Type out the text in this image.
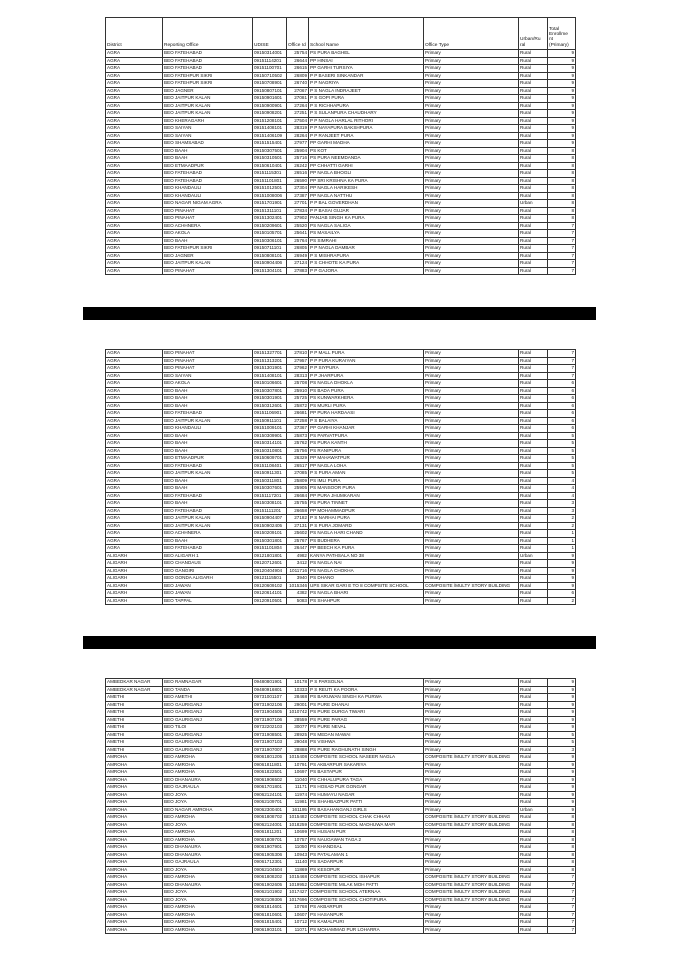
District	Reporting Office	UDISE	Office Id	School Name	Office Type	Urban/Ru
ral	Total
Enrollme
nt
(Primary)
AGRA	BEO FATEHABAD	09150314001	25754	PS PURA BAGHEL	Primary	Rural	9
AGRA	BEO FATEHABAD	09151114201	26644	PP HINSAI	Primary	Rural	9
AGRA	BEO FATEHABAD	09151100701	26615	PP GARHI TURSIYA	Primary	Rural	9
AGRA	BEO FATEHPUR SIKRI	09150710502	26809	P P BASERI SINKANDAR	Primary	Rural	9
AGRA	BEO FATEHPUR SIKRI	09150708901	26740	P P NAGRIYA	Primary	Rural	9
AGRA	BEO JAGNER	09150807101	27067	P S NAGLA INDRAJEET	Primary	Rural	9
AGRA	BEO JAITPUR KALAN	09150901601	27081	P S GOPI PURA	Primary	Rural	9
AGRA	BEO JAITPUR KALAN	09150900901	27264	P S RICHHAPURA	Primary	Rural	9
AGRA	BEO JAITPUR KALAN	09150908201	27251	P S SULANPURA CHAUDHARY	Primary	Rural	9
AGRA	BEO KHERAGARH	09151208101	27504	P P NAGLA HARLAL RITHORI	Primary	Rural	9
AGRA	BEO SAIYAN	09151408101	28319	P P NAYAPURA BAKSHPURA	Primary	Rural	9
AGRA	BEO SAIYAN	09151406109	28264	P P RANJEET PURA	Primary	Rural	9
AGRA	BEO SHAMSABAD	09151515401	27977	PP GARHI MADHA	Primary	Rural	9
AGRA	BEO BAAH	09150307501	25904	PS KOT	Primary	Rural	8
AGRA	BEO BAAH	09150310501	25716	PS PURA NEEMDANDA	Primary	Rural	8
AGRA	BEO ETMAADPUR	09150610401	26242	PP CHHATTI GARHI	Primary	Rural	8
AGRA	BEO FATEHABAD	09151115301	26516	PP NAGLA BHOGLI	Primary	Rural	8
AGRA	BEO FATEHABAD	09151101801	26590	PP SRI KRISHNA KA PURA	Primary	Rural	8
AGRA	BEO KHANDAULI	09151012501	27304	PP NAGLA HARIKESH	Primary	Rural	8
AGRA	BEO KHANDAULI	09151008006	27387	PP NAGLA NATTHU	Primary	Rural	8
AGRA	BEO NAGAR NIGAM AGRA	09151701901	27701	P P BAL GOVERDHAN	Primary	Urban	8
AGRA	BEO PINAHAT	09151311101	27834	P P BASAI GUJAR	Primary	Rural	8
AGRA	BEO PINAHAT	09151302401	27902	PANJAB SINGH KA PURA	Primary	Rural	8
AGRA	BEO ACHHNERA	09150209601	25520	PS NAGLA SALIGA	Primary	Rural	7
AGRA	BEO AKOLA	09150105701	25641	PS MASAILYA	Primary	Rural	7
AGRA	BEO BAAH	09150306101	25764	PS SIMRAHI	Primary	Rural	7
AGRA	BEO FATEHPUR SIKRI	09150711101	26805	P P NAGLA DAMBAR	Primary	Rural	7
AGRA	BEO JAGNER	09150808101	26949	P S MISHRAPURA	Primary	Rural	7
AGRA	BEO JAITPUR KALAN	09150904406	27124	P S CHHOTE KA PURA	Primary	Rural	7
AGRA	BEO PINAHAT	09151304101	27883	P P GAJORA	Primary	Rural	7
AGRA	BEO PINAHAT	09151327701	27810	P P MALL PURA	Primary	Rural	7
AGRA	BEO PINAHAT	09151313201	27957	P P PURA KURAIYAN	Primary	Rural	7
AGRA	BEO PINAHAT	09151301901	27962	P P SIYPURA	Primary	Rural	7
AGRA	BEO SAIYAN	09151408101	28313	P P JHARPURA	Primary	Rural	7
AGRA	BEO AKOLA	09150106601	25708	PS NAGLA DHOKLA	Primary	Rural	6
AGRA	BEO BAAH	09150307801	25910	PS BADA PURA	Primary	Rural	6
AGRA	BEO BAAH	09150301901	25725	PS KUNWARKHERA	Primary	Rural	6
AGRA	BEO BAAH	09150312601	25872	PS MURLI PURA	Primary	Rural	6
AGRA	BEO FATEHABAD	09151106901	26681	PP PURA HARDAASI	Primary	Rural	6
AGRA	BEO JAITPUR KALAN	09150911101	27258	P S BALAIYA	Primary	Rural	6
AGRA	BEO KHANDAULI	09151009101	27367	PP GARHI KHANJAR	Primary	Rural	6
AGRA	BEO BAAH	09150309901	25873	PS PARVATPURA	Primary	Rural	5
AGRA	BEO BAAH	09150314101	25762	PS PURA KANTH	Primary	Rural	5
AGRA	BEO BAAH	09150310801	25756	PS RANIPURA	Primary	Rural	5
AGRA	BEO ETMAADPUR	09150609701	26329	PP MAHAWATPUR	Primary	Rural	5
AGRA	BEO FATEHABAD	09151108401	26517	PP NAGLA LOHA	Primary	Rural	5
AGRA	BEO JAITPUR KALAN	09150911301	27085	P S PURA AMAN	Primary	Rural	5
AGRA	BEO BAAH	09150311801	25809	PS IMLI PURA	Primary	Rural	4
AGRA	BEO BAAH	09150307601	25905	PS MANSOOR PURA	Primary	Rural	4
AGRA	BEO FATEHABAD	09151117201	26684	PP PURA JHUMKARAN	Primary	Rural	4
AGRA	BEO BAAH	09150308101	25755	PS PURA TINNET	Primary	Rural	3
AGRA	BEO FATEHABAD	09151111201	26658	PP MOHAMMADPUR	Primary	Rural	3
AGRA	BEO JAITPUR KALAN	09150904407	27182	P S NARHAI PURA	Primary	Rural	2
AGRA	BEO JAITPUR KALAN	09150902405	27131	P S PURA JOMARD	Primary	Rural	2
AGRA	BEO ACHHNERA	09150209101	25602	PS NAGLA HARI CHAND	Primary	Rural	1
AGRA	BEO BAAH	09150301801	25767	PS BUDHERA	Primary	Rural	1
AGRA	BEO FATEHABAD	09151101804	26447	PP BEECH KA PURA	Primary	Rural	1
ALIGARH	BEO ALIGARH 1	09121801801	4982	KANYA PATHSALA NO 38	Primary	Urban	9
ALIGARH	BEO CHANDAUS	09120712601	3412	PS NAGLA NAI	Primary	Rural	9
ALIGARH	BEO GANGIRI	09120404904	1011716	PS NAGLA CHOKHA	Primary	Rural	9
ALIGARH	BEO GONDA ALIGARH	09121115501	3940	PS DHANO	Primary	Rural	9
ALIGARH	BEO JAWAN	09120609102	1015346	UPS SIKAR GARI E TO 8 COMPSITE SCHOOL	COMPOSITE /MULTY STORY BUILDING	Rural	9
ALIGARH	BEO JAWAN	09120614101	4382	PS NAGLA BHARI	Primary	Rural	6
ALIGARH	BEO TAPPAL	09120910501	5083	PS SHAHPUR	Primary	Rural	2
AMBEDKAR NAGAR	BEO RAMNAGAR	09480801901	10178	P S PARSOLNA	Primary	Rural	9
AMBEDKAR NAGAR	BEO TANDA	09480916801	10333	P S REUTI KA POORA	Primary	Rural	9
AMETHI	BEO AMETHI	09731001107	28468	PS BARUWAN SINGH KA PURWA	Primary	Rural	9
AMETHI	BEO GAURIGANJ	09731902106	29001	PS PURE DHANAI	Primary	Rural	9
AMETHI	BEO GAURIGANJ	09731904505	1010742	PS PURE DURGA TIWARI	Primary	Rural	9
AMETHI	BEO GAURIGANJ	09731907106	28559	PS PURE PARAG	Primary	Rural	9
AMETHI	BEO TILOI	09732202103	30077	PS PURE NEVAL	Primary	Rural	9
AMETHI	BEO GAURIGANJ	09731908501	28925	PS MEDAN MAWAI	Primary	Rural	5
AMETHI	BEO GAURIGANJ	09731907103	29048	PS VISHWA	Primary	Rural	5
AMETHI	BEO GAURIGANJ	09731907007	28888	PS PURE RAGHUNATH SINGH	Primary	Rural	3
AMROHA	BEO AMROHA	09061801205	1015408	COMPOSITE SCHOOL NASEER NAGLA	COMPOSITE /MULTY STORY BUILDING	Rural	9
AMROHA	BEO AMROHA	09061811801	10791	PS AKBARPUR SAKARIYA	Primary	Rural	9
AMROHA	BEO AMROHA	09061822501	10697	PS BASTAPUR	Primary	Rural	9
AMROHA	BEO DHANAURA	09061906502	11040	PS CHHALUPURA TAGA	Primary	Rural	9
AMROHA	BEO GAJRAULA	09061701801	11171	PS HOSAD PUR GONGAR	Primary	Rural	9
AMROHA	BEO JOYA	09062124101	11974	PS HUMAYU NAGAR	Primary	Rural	9
AMROHA	BEO JOYA	09062109701	11981	PS SHAHBAZPUR PATTI	Primary	Rural	9
AMROHA	BEO NAGAR AMROHA	09062300401	161195	PS BASAHANGANJ GIRLS	Primary	Urban	9
AMROHA	BEO AMROHA	09061808702	1015482	COMPOSITE SCHOOL CHAK CHHAVI	COMPOSITE /MULTY STORY BUILDING	Rural	8
AMROHA	BEO JOYA	09062124001	1018259	COMPOSITE SCHOOL MADHUWA MAFI	COMPOSITE /MULTY STORY BUILDING	Rural	8
AMROHA	BEO AMROHA	09061811201	10699	PS HUSAIN PUR	Primary	Rural	8
AMROHA	BEO AMROHA	09061809701	10757	PS NAUGAWAN TAGA 2	Primary	Rural	8
AMROHA	BEO DHANAURA	09061907901	11050	PS KHANDSAL	Primary	Rural	8
AMROHA	BEO DHANAURA	09061905306	10943	PS PATALAMAN 1	Primary	Rural	8
AMROHA	BEO GAJRAULA	09061712301	11140	PS SADARPUR	Primary	Rural	8
AMROHA	BEO JOYA	09062104504	11869	PS KESOPUR	Primary	Rural	8
AMROHA	BEO AMROHA	09061808202	1015468	COMPOSITE SCHOOL ISHAPUR	COMPOSITE /MULTY STORY BUILDING	Rural	7
AMROHA	BEO DHANAURA	09061902605	1019952	COMPOSITE MILAK MOH PATTI	COMPOSITE /MULTY STORY BUILDING	Rural	7
AMROHA	BEO JOYA	09062101902	1017427	COMPOSITE SCHOOL ATERNAA	COMPOSITE /MULTY STORY BUILDING	Rural	7
AMROHA	BEO JOYA	09062109306	1017696	COMPOSITE SCHOOL CHOTIPURA	COMPOSITE /MULTY STORY BUILDING	Rural	7
AMROHA	BEO AMROHA	09061814601	10768	PS AKBARPUR	Primary	Rural	7
AMROHA	BEO AMROHA	09061810601	10607	PS HASANPUR	Primary	Rural	7
AMROHA	BEO AMROHA	09061815401	10712	PS KAMALPURI	Primary	Rural	7
AMROHA	BEO AMROHA	09061903101	11071	PS MOHAMMAD PUR LOHARRA	Primary	Rural	7
